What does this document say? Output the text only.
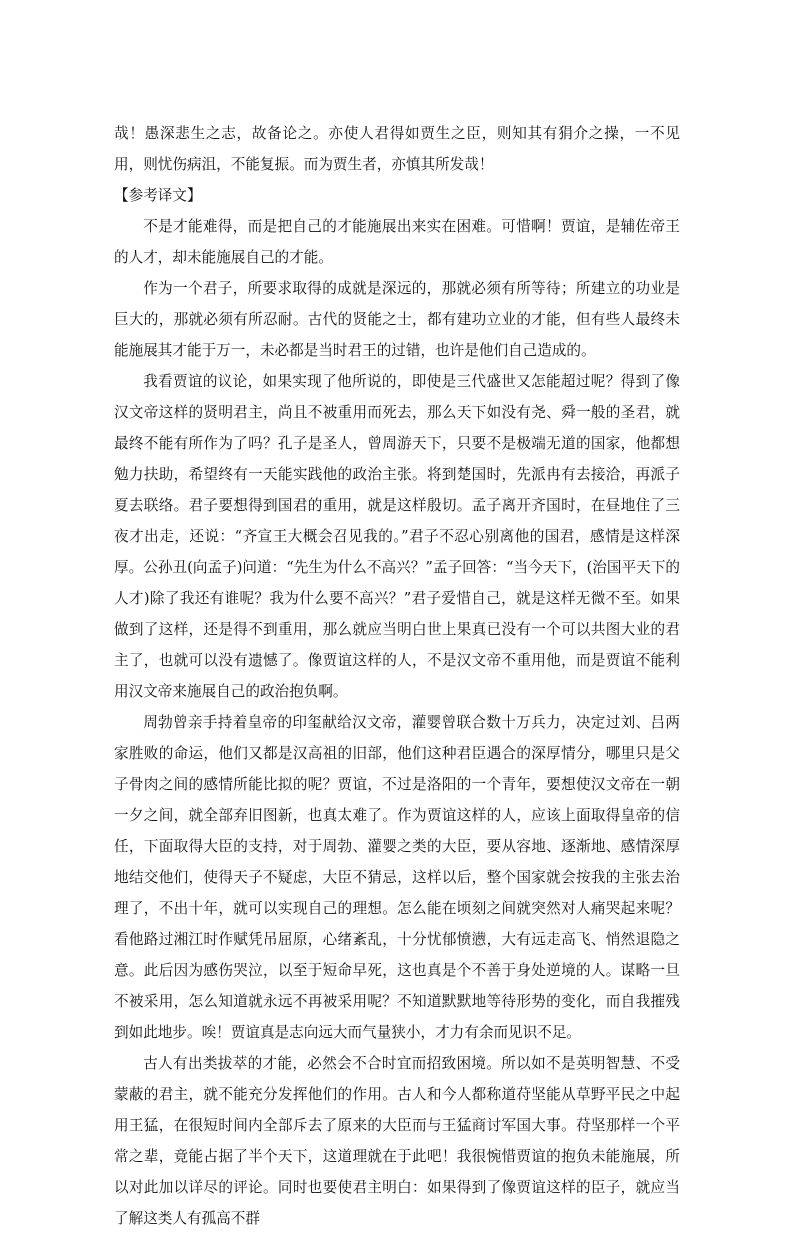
哉！愚深悲生之志，故备论之。亦使人君得如贾生之臣，则知其有狷介之操，一不见用，则忧伤病沮，不能复振。而为贾生者，亦慎其所发哉！

【参考译文】

不是才能难得，而是把自己的才能施展出来实在困难。可惜啊！贾谊，是辅佐帝王的人才，却未能施展自己的才能。

作为一个君子，所要求取得的成就是深远的，那就必须有所等待；所建立的功业是巨大的，那就必须有所忍耐。古代的贤能之士，都有建功立业的才能，但有些人最终未能施展其才能于万一，未必都是当时君王的过错，也许是他们自己造成的。

我看贾谊的议论，如果实现了他所说的，即使是三代盛世又怎能超过呢？得到了像汉文帝这样的贤明君主，尚且不被重用而死去，那么天下如没有尧、舜一般的圣君，就最终不能有所作为了吗？孔子是圣人，曾周游天下，只要不是极端无道的国家，他都想勉力扶助，希望终有一天能实践他的政治主张。将到楚国时，先派冉有去接洽，再派子夏去联络。君子要想得到国君的重用，就是这样殷切。孟子离开齐国时，在昼地住了三夜才出走，还说：“齐宣王大概会召见我的。”君子不忍心别离他的国君，感情是这样深厚。公孙丑(向孟子)问道：“先生为什么不高兴？”孟子回答：“当今天下，(治国平天下的人才)除了我还有谁呢？我为什么要不高兴？”君子爱惜自己，就是这样无微不至。如果做到了这样，还是得不到重用，那么就应当明白世上果真已没有一个可以共图大业的君主了，也就可以没有遗憾了。像贾谊这样的人，不是汉文帝不重用他，而是贾谊不能利用汉文帝来施展自己的政治抱负啊。

周勃曾亲手持着皇帝的印玺献给汉文帝，灌婴曾联合数十万兵力，决定过刘、吕两家胜败的命运，他们又都是汉高祖的旧部，他们这种君臣遇合的深厚情分，哪里只是父子骨肉之间的感情所能比拟的呢？贾谊，不过是洛阳的一个青年，要想使汉文帝在一朝一夕之间，就全部弃旧图新，也真太难了。作为贾谊这样的人，应该上面取得皇帝的信任，下面取得大臣的支持，对于周勃、灌婴之类的大臣，要从容地、逐渐地、感情深厚地结交他们，使得天子不疑虑，大臣不猜忌，这样以后，整个国家就会按我的主张去治理了，不出十年，就可以实现自己的理想。怎么能在顷刻之间就突然对人痛哭起来呢？看他路过湘江时作赋凭吊屈原，心绪紊乱，十分忧郁愤懑，大有远走高飞、悄然退隐之意。此后因为感伤哭泣，以至于短命早死，这也真是个不善于身处逆境的人。谋略一旦不被采用，怎么知道就永远不再被采用呢？不知道默默地等待形势的变化，而自我摧残到如此地步。唉！贾谊真是志向远大而气量狭小，才力有余而见识不足。

古人有出类拔萃的才能，必然会不合时宜而招致困境。所以如不是英明智慧、不受蒙蔽的君主，就不能充分发挥他们的作用。古人和今人都称道苻坚能从草野平民之中起用王猛，在很短时间内全部斥去了原来的大臣而与王猛商讨军国大事。苻坚那样一个平常之辈，竟能占据了半个天下，这道理就在于此吧！我很惋惜贾谊的抱负未能施展，所以对此加以详尽的评论。同时也要使君主明白：如果得到了像贾谊这样的臣子，就应当了解这类人有孤高不群
